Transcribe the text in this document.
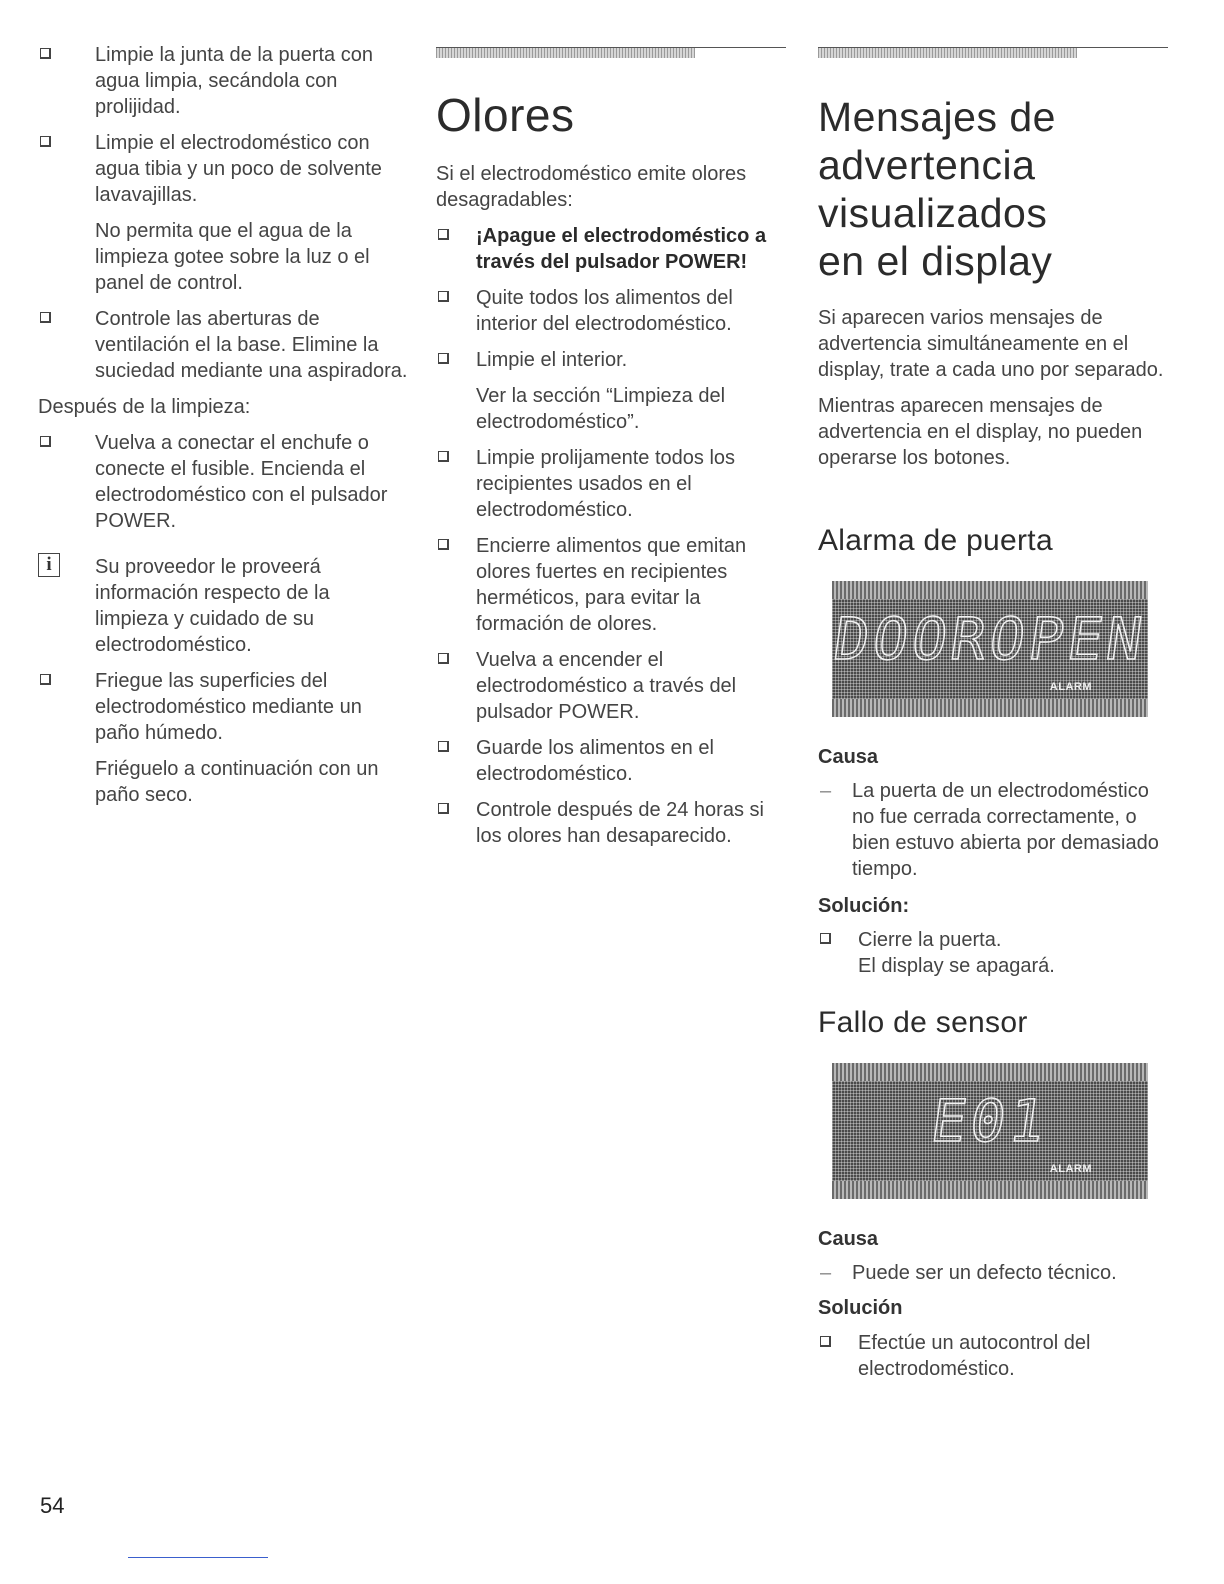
Limpie la junta de la puerta con agua limpia, secándola con prolijidad.
Limpie el electrodoméstico con agua tibia y un poco de solvente lavavajillas.
No permita que el agua de la limpieza gotee sobre la luz o el panel de control.
Controle las aberturas de ventilación el la base. Elimine la suciedad mediante una aspiradora.
Después de la limpieza:
Vuelva a conectar el enchufe o conecte el fusible. Encienda el electrodoméstico con el pulsador POWER.
i	Su proveedor le proveerá información respecto de la limpieza y cuidado de su electrodoméstico.
Friegue las superficies del electrodoméstico mediante un paño húmedo.
Friéguelo a continuación con un paño seco.
Olores
Si el electrodoméstico emite olores desagradables:
¡Apague el electrodoméstico a través del pulsador POWER!
Quite todos los alimentos del interior del electrodoméstico.
Limpie el interior.
Ver la sección “Limpieza del electrodoméstico”.
Limpie prolijamente todos los recipientes usados en el electrodoméstico.
Encierre alimentos que emitan olores fuertes en recipientes herméticos, para evitar la formación de olores.
Vuelva a encender el electrodoméstico a través del pulsador POWER.
Guarde los alimentos en el electrodoméstico.
Controle después de 24 horas si los olores han desaparecido.
Mensajes de
advertencia
visualizados
en el display
Si aparecen varios mensajes de advertencia simultáneamente en el display, trate a cada uno por separado.
Mientras aparecen mensajes de advertencia en el display, no pueden operarse los botones.
Alarma de puerta
DOOROPEN
ALARM
Causa
– La puerta de un electrodoméstico no fue cerrada correctamente, o bien estuvo abierta por demasiado tiempo.
Solución:
Cierre la puerta.
El display se apagará.
Fallo de sensor
E01
ALARM
Causa
– Puede ser un defecto técnico.
Solución
Efectúe un autocontrol del electrodoméstico.
54
